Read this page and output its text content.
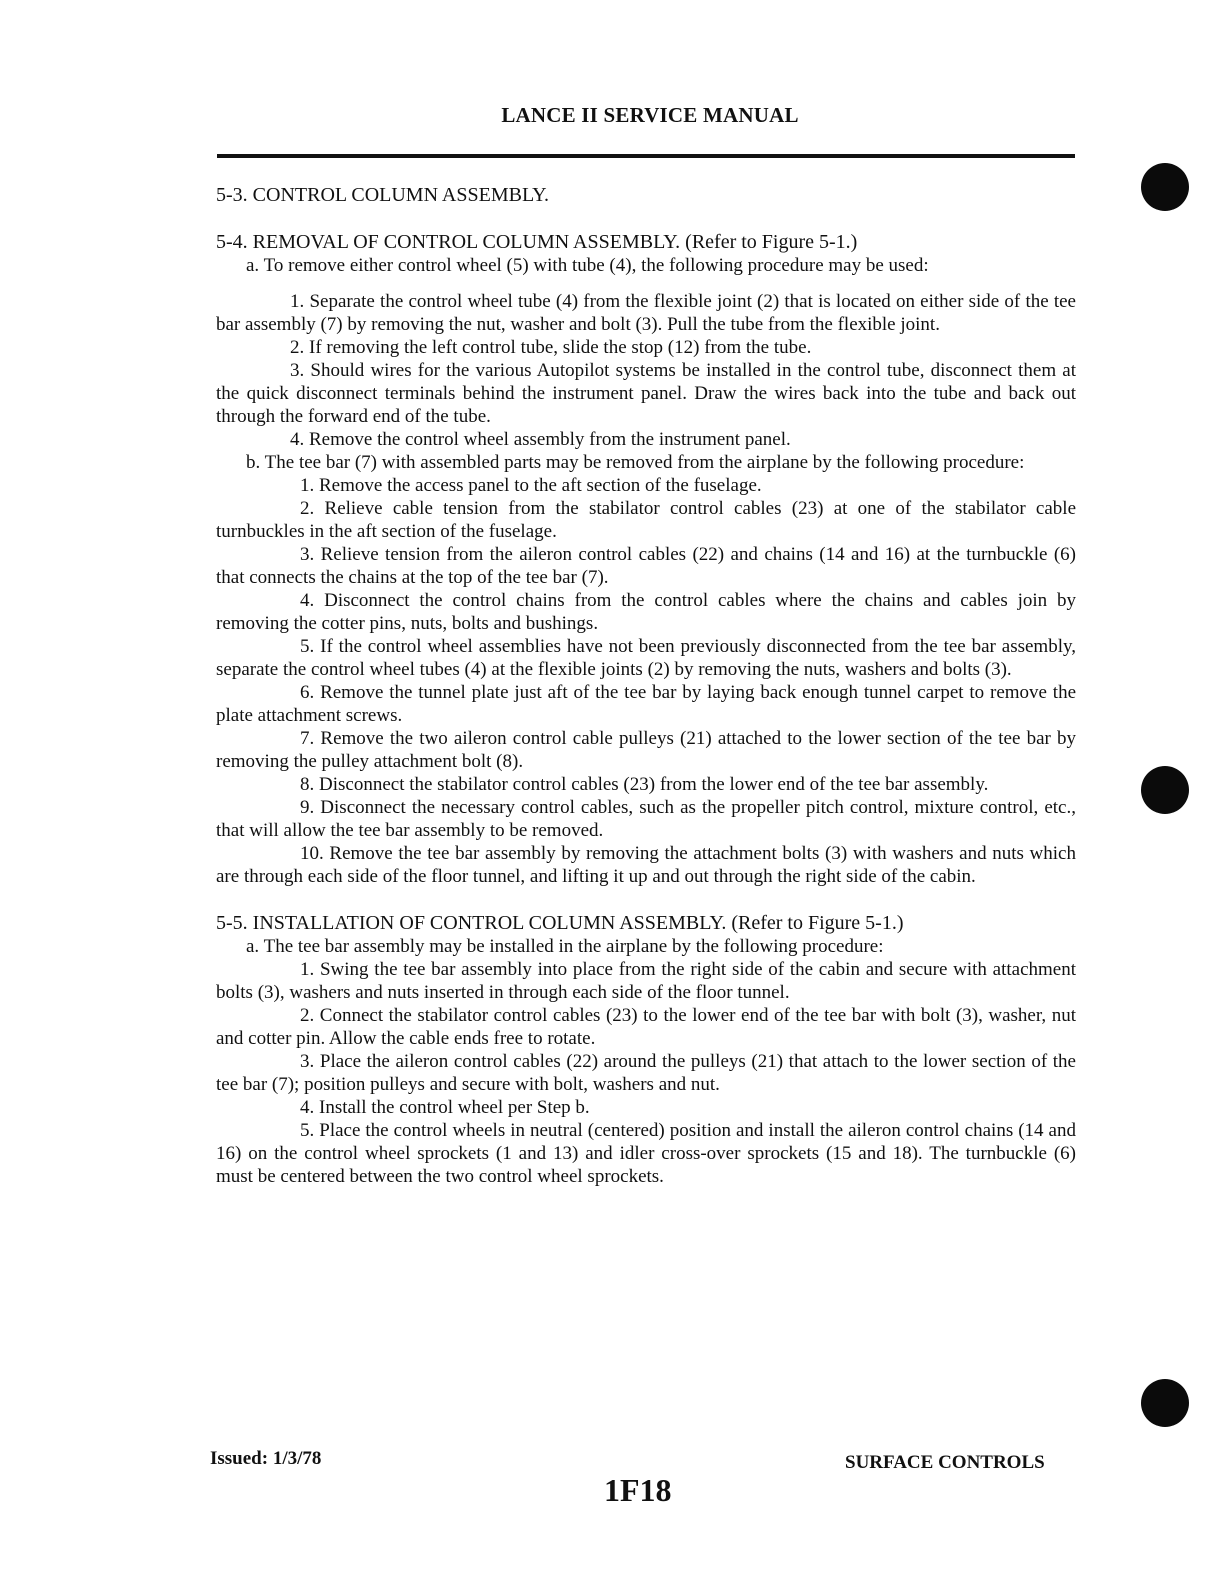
LANCE II SERVICE MANUAL

5-3. CONTROL COLUMN ASSEMBLY.

5-4. REMOVAL OF CONTROL COLUMN ASSEMBLY. (Refer to Figure 5-1.)

a. To remove either control wheel (5) with tube (4), the following procedure may be used:

1. Separate the control wheel tube (4) from the flexible joint (2) that is located on either side of the tee bar assembly (7) by removing the nut, washer and bolt (3). Pull the tube from the flexible joint.

2. If removing the left control tube, slide the stop (12) from the tube.

3. Should wires for the various Autopilot systems be installed in the control tube, disconnect them at the quick disconnect terminals behind the instrument panel. Draw the wires back into the tube and back out through the forward end of the tube.

4. Remove the control wheel assembly from the instrument panel.

b. The tee bar (7) with assembled parts may be removed from the airplane by the following procedure:

1. Remove the access panel to the aft section of the fuselage.

2. Relieve cable tension from the stabilator control cables (23) at one of the stabilator cable turnbuckles in the aft section of the fuselage.

3. Relieve tension from the aileron control cables (22) and chains (14 and 16) at the turnbuckle (6) that connects the chains at the top of the tee bar (7).

4. Disconnect the control chains from the control cables where the chains and cables join by removing the cotter pins, nuts, bolts and bushings.

5. If the control wheel assemblies have not been previously disconnected from the tee bar assembly, separate the control wheel tubes (4) at the flexible joints (2) by removing the nuts, washers and bolts (3).

6. Remove the tunnel plate just aft of the tee bar by laying back enough tunnel carpet to remove the plate attachment screws.

7. Remove the two aileron control cable pulleys (21) attached to the lower section of the tee bar by removing the pulley attachment bolt (8).

8. Disconnect the stabilator control cables (23) from the lower end of the tee bar assembly.

9. Disconnect the necessary control cables, such as the propeller pitch control, mixture control, etc., that will allow the tee bar assembly to be removed.

10. Remove the tee bar assembly by removing the attachment bolts (3) with washers and nuts which are through each side of the floor tunnel, and lifting it up and out through the right side of the cabin.

5-5. INSTALLATION OF CONTROL COLUMN ASSEMBLY. (Refer to Figure 5-1.)

a. The tee bar assembly may be installed in the airplane by the following procedure:

1. Swing the tee bar assembly into place from the right side of the cabin and secure with attachment bolts (3), washers and nuts inserted in through each side of the floor tunnel.

2. Connect the stabilator control cables (23) to the lower end of the tee bar with bolt (3), washer, nut and cotter pin. Allow the cable ends free to rotate.

3. Place the aileron control cables (22) around the pulleys (21) that attach to the lower section of the tee bar (7); position pulleys and secure with bolt, washers and nut.

4. Install the control wheel per Step b.

5. Place the control wheels in neutral (centered) position and install the aileron control chains (14 and 16) on the control wheel sprockets (1 and 13) and idler cross-over sprockets (15 and 18). The turnbuckle (6) must be centered between the two control wheel sprockets.

Issued: 1/3/78	SURFACE CONTROLS
1F18
